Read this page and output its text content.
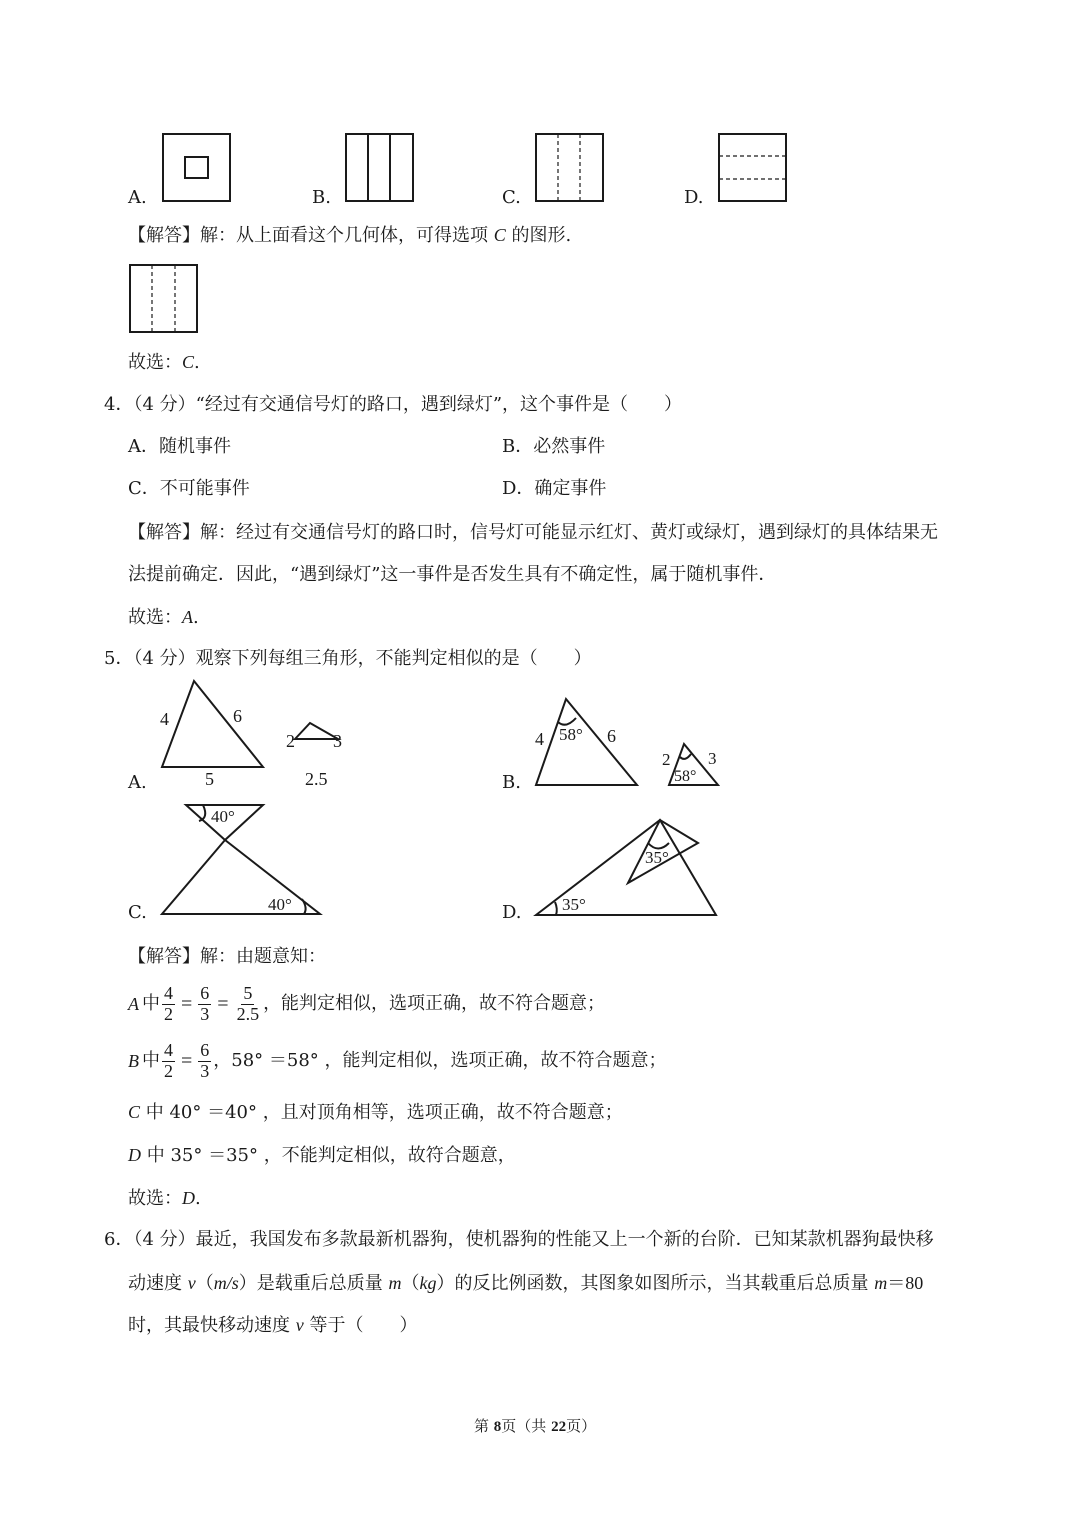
A.	B.	C.	D.
【解答】解：从上面看这个几何体，可得选项 C 的图形.
故选：C.
4．（4 分）“经过有交通信号灯的路口，遇到绿灯”，这个事件是（　　）
A．随机事件	B．必然事件
C．不可能事件	D．确定事件
【解答】解：经过有交通信号灯的路口时，信号灯可能显示红灯、黄灯或绿灯，遇到绿灯的具体结果无
法提前确定．因此，“遇到绿灯”这一事件是否发生具有不确定性，属于随机事件．
故选：A.
5．（4 分）观察下列每组三角形，不能判定相似的是（　　）
4	6
5
2 3
2.5
A.
4	6
58°
2 3
58°
B.
40°
40°
C.
35°
35°
D.
【解答】解：由题意知：
A 中 $\frac{4}{2} = \frac{6}{3} = \frac{5}{2.5}$ ，能判定相似，选项正确，故不符合题意；
B 中 $\frac{4}{2} = \frac{6}{3}$ ，58° ＝58° ，能判定相似，选项正确，故不符合题意；
C 中 40° ＝40° ，且对顶角相等，选项正确，故不符合题意；
D 中 35° ＝35° ，不能判定相似，故符合题意，
故选：D.
6．（4 分）最近，我国发布多款最新机器狗，使机器狗的性能又上一个新的台阶．已知某款机器狗最快移
动速度 v（m/s）是载重后总质量 m（kg）的反比例函数，其图象如图所示，当其载重后总质量 m＝80
时，其最快移动速度 v 等于（　　）
第 8页（共 22页）
